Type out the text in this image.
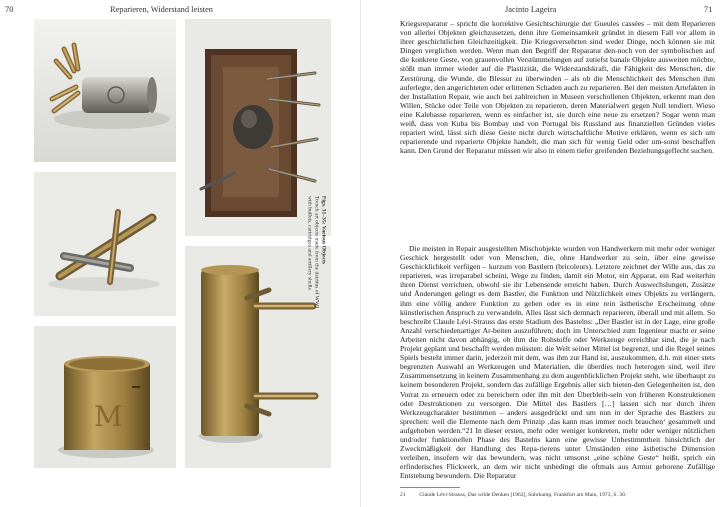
70	Reparieren, Widerstand leisten
M
Figs. 31–35: Various Objects
Trench art objects made from the detritus of WWI
with bullets, cartridges and artillery shells
Jacinto Lageira	71

Kriegsreparatur – spricht die korrektive Gesichtschirurgie der Gueules cassées – mit dem Reparieren von allerlei Objekten gleichzusetzen, denn ihre Gemeinsamkeit gründet in diesem Fall vor allem in ihrer geschichtlichen Gleichzeitigkeit. Die Kriegsversehrten sind weder Dinge, noch können sie mit Dingen verglichen werden. Wenn man den Begriff der Reparatur den-noch von der symbolischen auf die konkrete Geste, von grauenvollen Verstümmelungen auf zutiefst banale Objekte ausweiten möchte, stößt man immer wieder auf die Plastizität, die Widerstandskraft, die Fähigkeit des Menschen, die Zerstörung, die Wunde, die Blessur zu überwinden – als ob die Menschlichkeit des Menschen ihm auferlegte, den angerichteten oder erlittenen Schaden auch zu reparieren. Bei den meisten Artefakten in der Installation Repair, wie auch bei zahlreichen in Museen verschollenen Objekten, erkennt man den Willen, Stücke oder Teile von Objekten zu reparieren, deren Materialwert gegen Null tendiert. Wieso eine Kalebasse reparieren, wenn es einfacher ist, sie durch eine neue zu ersetzen? Sogar wenn man weiß, dass von Kuba bis Bombay und von Portugal bis Russland aus finanziellen Gründen vieles repariert wird, lässt sich diese Geste nicht durch wirtschaftliche Motive erklären, wenn es sich um reparierende und reparierte Objekte handelt, die man sich für wenig Geld oder um-sonst beschaffen kann. Den Grund der Reparatur müssen wir also in einem tiefer greifenden Beziehungsgeflecht suchen.

Die meisten in Repair ausgestellten Mischobjekte wurden von Handwerkern mit mehr oder weniger Geschick hergestellt oder von Menschen, die, ohne Handwerker zu sein, über eine gewisse Geschicklichkeit verfügen – kurzum von Bastlern (bricoleurs). Letztere zeichnet der Wille aus, das zu reparieren, was irreparabel scheint, Wege zu finden, damit ein Motor, ein Apparat, ein Rad weiterhin ihren Dienst verrichten, obwohl sie ihr Lebensende erreicht haben. Durch Auswechslungen, Zusätze und Änderungen gelingt es dem Bastler, die Funktion und Nützlichkeit eines Objekts zu verlängern, ihm eine völlig andere Funktion zu geben oder es in eine rein ästhetische Erscheinung ohne künstlerischen Anspruch zu verwandeln. Alles lässt sich demnach reparieren, überall und mit allem. So beschreibt Claude Lévi-Strauss das erste Stadium des Bastelns: „Der Bastler ist in der Lage, eine große Anzahl verschiedenartiger Ar-beiten auszuführen; doch im Unterschied zum Ingenieur macht er seine Arbeiten nicht davon abhängig, ob ihm die Rohstoffe oder Werkzeuge erreichbar sind, die je nach Projekt geplant und beschafft werden müssten: die Welt seiner Mittel ist begrenzt, und die Regel seines Spiels besteht immer darin, jederzeit mit dem, was ihm zur Hand ist, auszukommen, d.h. mit einer stets begrenzten Auswahl an Werkzeugen und Materialien, die überdies noch heterogen sind, weil ihre Zusammensetzung in keinem Zusammenhang zu dem augenblicklichen Projekt steht, wie überhaupt zu keinem besonderen Projekt, sondern das zufällige Ergebnis aller sich bieten-den Gelegenheiten ist, den Vorrat zu erneuern oder zu bereichern oder ihn mit den Überbleib-seln von früheren Konstruktionen oder Destruktionen zu versorgen. Die Mittel des Bastlers […] lassen sich nur durch ihren Werkzeugcharakter bestimmen – anders ausgedrückt und um nun in der Sprache des Bastlers zu sprechen: weil die Elemente nach dem Prinzip ‚das kann man immer noch brauchen‘ gesammelt und aufgehoben werden.“21 In dieser ersten, mehr oder weniger konkreten, mehr oder weniger nützlichen und/oder funktionellen Phase des Bastelns kann eine gewisse Unbestimmtheit hinsichtlich der Zweckmäßigkeit der Handlung des Repa-rierens unter Umständen eine ästhetische Dimension verleihen, insofern wir das bewundern, was nicht umsonst „eine schöne Geste“ heißt, sprich ein erfinderisches Flickwerk, an dem wir nicht unbedingt die oftmals aus Armut geborene Zufällige Entstehung bewundern. Die Reparatur

21 Claude Lévi-Strauss, Das wilde Denken [1962], Suhrkamp, Frankfurt am Main, 1973, S. 30.
